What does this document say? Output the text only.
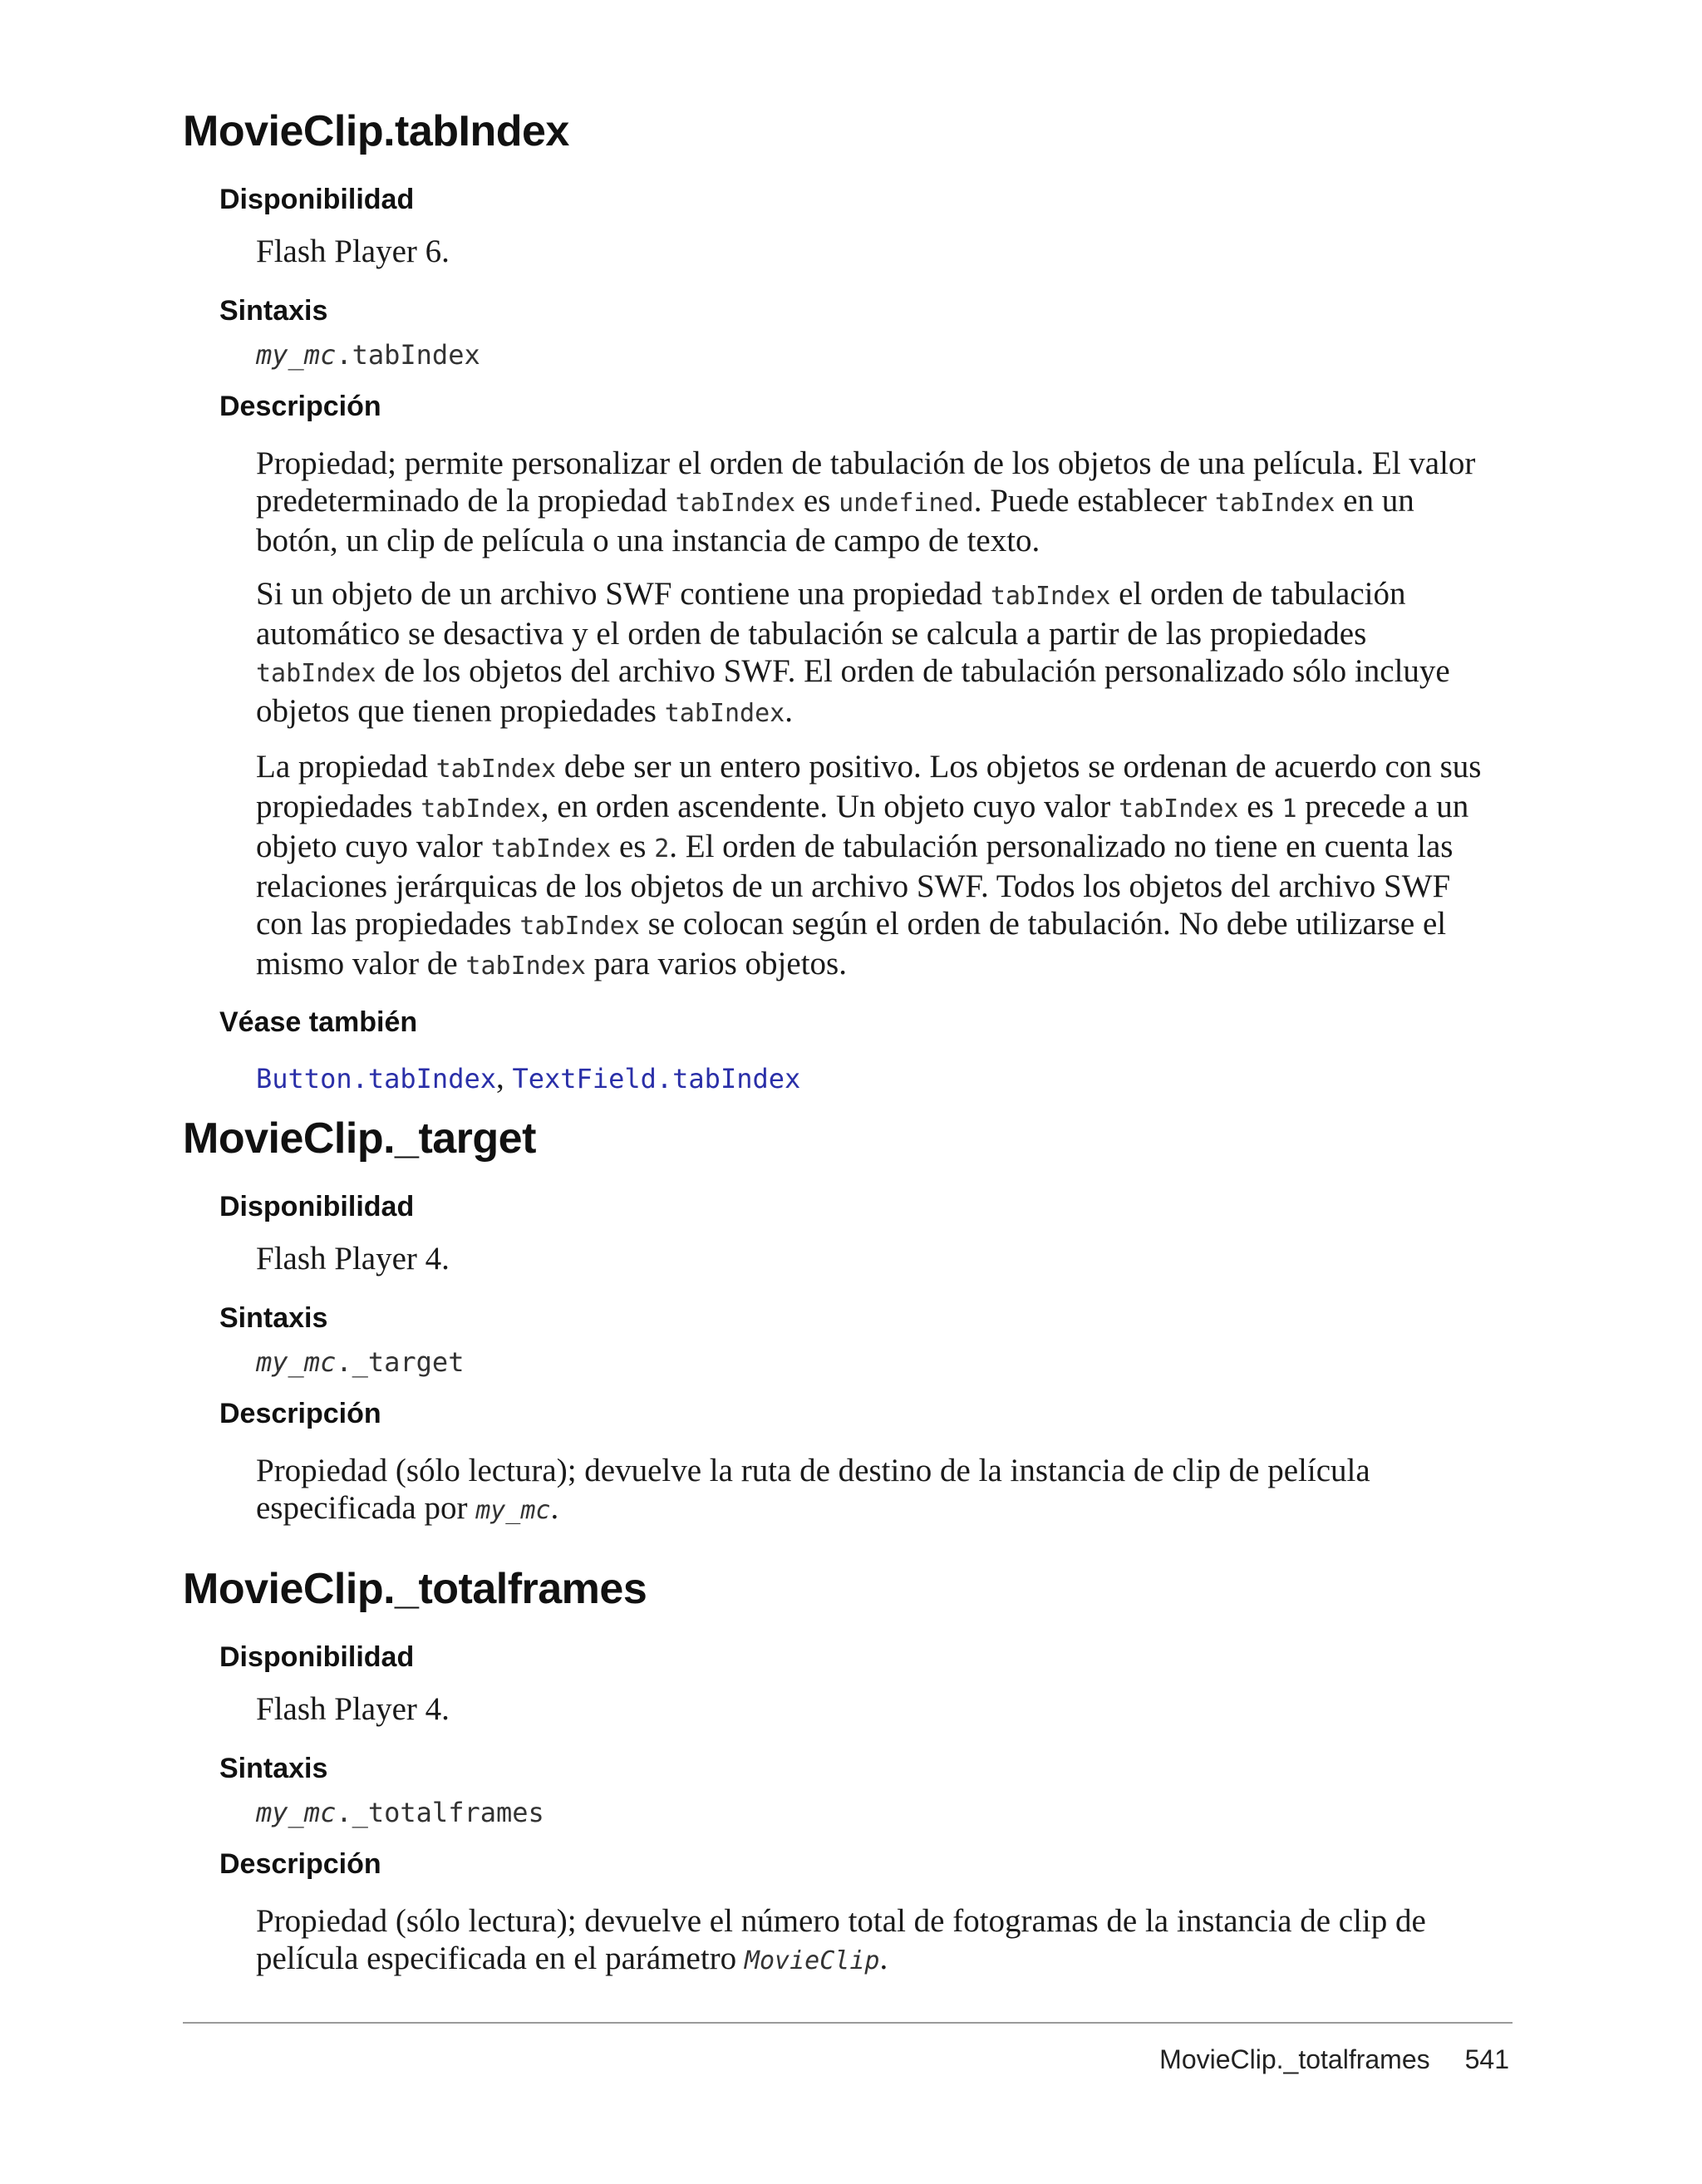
MovieClip.tabIndex

Disponibilidad

Flash Player 6.

Sintaxis

my_mc.tabIndex

Descripción

Propiedad; permite personalizar el orden de tabulación de los objetos de una película. El valor predeterminado de la propiedad tabIndex es undefined. Puede establecer tabIndex en un botón, un clip de película o una instancia de campo de texto.

Si un objeto de un archivo SWF contiene una propiedad tabIndex el orden de tabulación automático se desactiva y el orden de tabulación se calcula a partir de las propiedades tabIndex de los objetos del archivo SWF. El orden de tabulación personalizado sólo incluye objetos que tienen propiedades tabIndex.

La propiedad tabIndex debe ser un entero positivo. Los objetos se ordenan de acuerdo con sus propiedades tabIndex, en orden ascendente. Un objeto cuyo valor tabIndex es 1 precede a un objeto cuyo valor tabIndex es 2. El orden de tabulación personalizado no tiene en cuenta las relaciones jerárquicas de los objetos de un archivo SWF. Todos los objetos del archivo SWF con las propiedades tabIndex se colocan según el orden de tabulación. No debe utilizarse el mismo valor de tabIndex para varios objetos.

Véase también

Button.tabIndex, TextField.tabIndex

MovieClip._target

Disponibilidad

Flash Player 4.

Sintaxis

my_mc._target

Descripción

Propiedad (sólo lectura); devuelve la ruta de destino de la instancia de clip de película especificada por my_mc.

MovieClip._totalframes

Disponibilidad

Flash Player 4.

Sintaxis

my_mc._totalframes

Descripción

Propiedad (sólo lectura); devuelve el número total de fotogramas de la instancia de clip de película especificada en el parámetro MovieClip.

MovieClip._totalframes 541
